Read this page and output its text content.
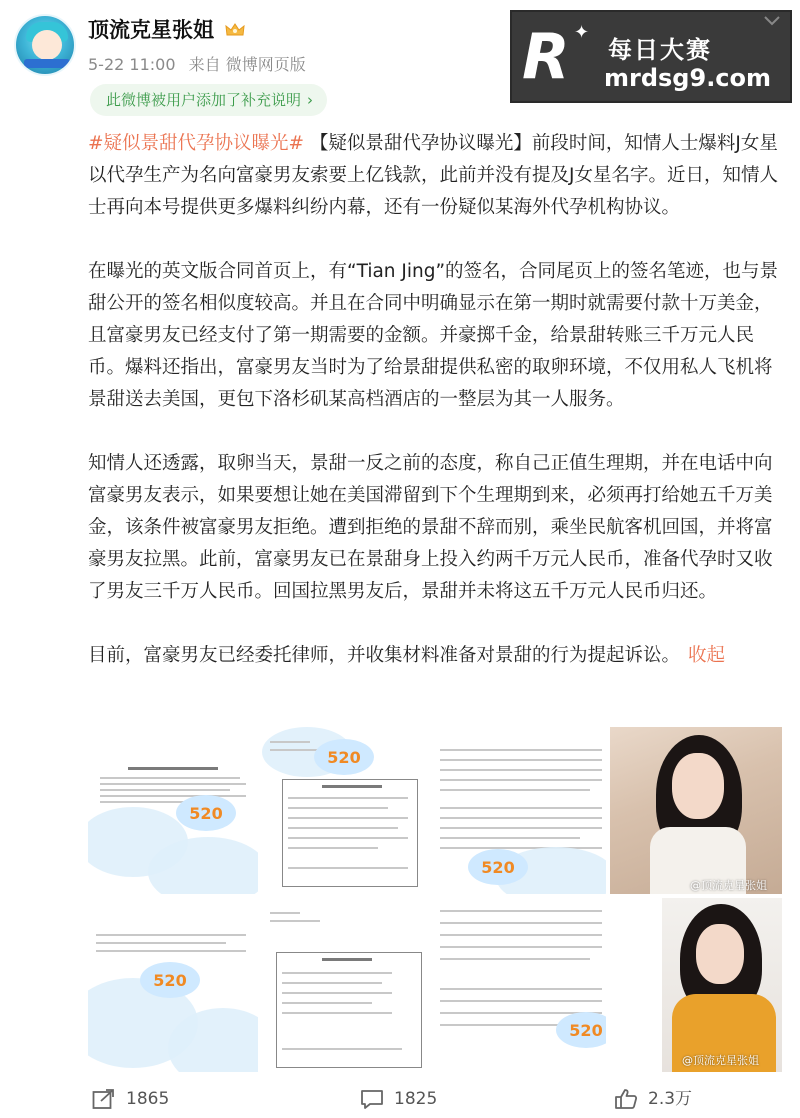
顶流克星张姐
5-22 11:00 来自 微博网页版
此微博被用户添加了补充说明 ›
R ✦
每日大赛
mrdsg9.com

#疑似景甜代孕协议曝光# 【疑似景甜代孕协议曝光】前段时间，知情人士爆料J女星以代孕生产为名向富豪男友索要上亿钱款，此前并没有提及J女星名字。近日，知情人士再向本号提供更多爆料纠纷内幕，还有一份疑似某海外代孕机构协议。

在曝光的英文版合同首页上，有“Tian Jing”的签名，合同尾页上的签名笔迹，也与景甜公开的签名相似度较高。并且在合同中明确显示在第一期时就需要付款十万美金，且富豪男友已经支付了第一期需要的金额。并豪掷千金，给景甜转账三千万元人民币。爆料还指出，富豪男友当时为了给景甜提供私密的取卵环境，不仅用私人飞机将景甜送去美国，更包下洛杉矶某高档酒店的一整层为其一人服务。

知情人还透露，取卵当天，景甜一反之前的态度，称自己正值生理期，并在电话中向富豪男友表示，如果要想让她在美国滞留到下个生理期到来，必须再打给她五千万美金，该条件被富豪男友拒绝。遭到拒绝的景甜不辞而别，乘坐民航客机回国，并将富豪男友拉黑。此前，富豪男友已在景甜身上投入约两千万元人民币，准备代孕时又收了男友三千万人民币。回国拉黑男友后，景甜并未将这五千万元人民币归还。

目前，富豪男友已经委托律师，并收集材料准备对景甜的行为提起诉讼。 收起

520
520
520
@顶流克星张姐
520
520
@顶流克星张姐
1865	1825	2.3万
